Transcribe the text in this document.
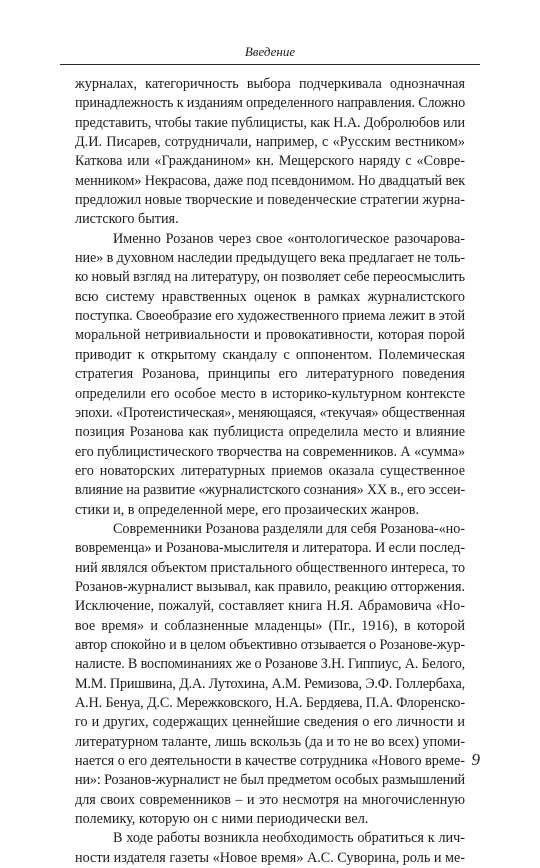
Введение

журналах, категоричность выбора подчеркивала однозначная
принадлежность к изданиям определенного направления. Сложно
представить, чтобы такие публицисты, как Н.А. Добролюбов или
Д.И. Писарев, сотрудничали, например, с «Русским вестником»
Каткова или «Гражданином» кн. Мещерского наряду с «Совре-
менником» Некрасова, даже под псевдонимом. Но двадцатый век
предложил новые творческие и поведенческие стратегии журна-
листского бытия.

Именно Розанов через свое «онтологическое разочарова-
ние» в духовном наследии предыдущего века предлагает не толь-
ко новый взгляд на литературу, он позволяет себе переосмыслить
всю систему нравственных оценок в рамках журналистского
поступка. Своеобразие его художественного приема лежит в этой
моральной нетривиальности и провокативности, которая порой
приводит к открытому скандалу с оппонентом. Полемическая
стратегия Розанова, принципы его литературного поведения
определили его особое место в историко-культурном контексте
эпохи. «Протеистическая», меняющаяся, «текучая» общественная
позиция Розанова как публициста определила место и влияние
его публицистического творчества на современников. А «сумма»
его новаторских литературных приемов оказала существенное
влияние на развитие «журналистского сознания» XX в., его эссеи-
стики и, в определенной мере, его прозаических жанров.

Современники Розанова разделяли для себя Розанова-«но-
вовременца» и Розанова-мыслителя и литератора. И если послед-
ний являлся объектом пристального общественного интереса, то
Розанов-журналист вызывал, как правило, реакцию отторжения.
Исключение, пожалуй, составляет книга Н.Я. Абрамовича «Но-
вое время» и соблазненные младенцы» (Пг., 1916), в которой
автор спокойно и в целом объективно отзывается о Розанове-жур-
налисте. В воспоминаниях же о Розанове З.Н. Гиппиус, А. Белого,
М.М. Пришвина, Д.А. Лутохина, А.М. Ремизова, Э.Ф. Голлербаха,
А.Н. Бенуа, Д.С. Мережковского, Н.А. Бердяева, П.А. Флоренско-
го и других, содержащих ценнейшие сведения о его личности и
литературном таланте, лишь вскользь (да и то не во всех) упоми-
нается о его деятельности в качестве сотрудника «Нового време-
ни»: Розанов-журналист не был предметом особых размышлений
для своих современников – и это несмотря на многочисленную
полемику, которую он с ними периодически вел.

В ходе работы возникла необходимость обратиться к лич-
ности издателя газеты «Новое время» А.С. Суворина, роль и ме-

9
